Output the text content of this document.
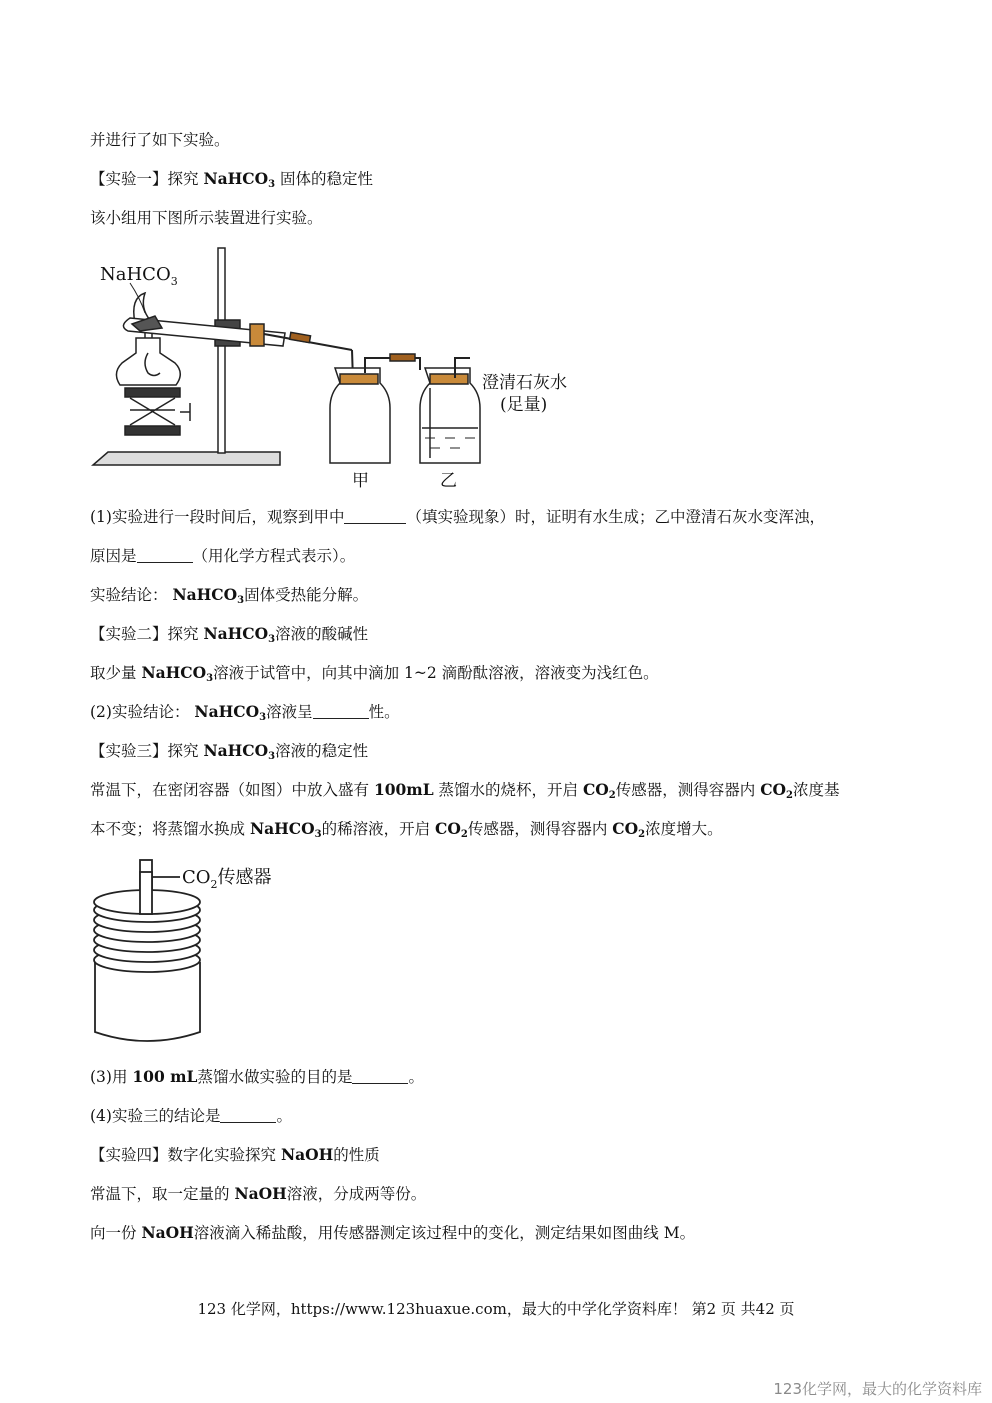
并进行了如下实验。
【实验一】探究 NaHCO$_3$ 固体的稳定性
该小组用下图所示装置进行实验。
NaHCO$_3$
澄清石灰水
(足量)
甲	乙
(1)实验进行一段时间后，观察到甲中	（填实验现象）时，证明有水生成；乙中澄清石灰水变浑浊，
原因是	（用化学方程式表示）。
实验结论： NaHCO$_3$固体受热能分解。
【实验二】探究 NaHCO$_3$溶液的酸碱性
取少量 NaHCO$_3$溶液于试管中，向其中滴加 1~2 滴酚酞溶液，溶液变为浅红色。
(2)实验结论： NaHCO$_3$溶液呈	性。
【实验三】探究 NaHCO$_3$溶液的稳定性
常温下，在密闭容器（如图）中放入盛有 100mL 蒸馏水的烧杯，开启 $CO_2$传感器，测得容器内 $CO_2$浓度基
本不变；将蒸馏水换成 NaHCO$_3$的稀溶液，开启 $CO_2$传感器，测得容器内 $CO_2$浓度增大。
$CO_2$传感器
(3)用 100 mL蒸馏水做实验的目的是	。
(4)实验三的结论是	。
【实验四】数字化实验探究 NaOH的性质
常温下，取一定量的 NaOH溶液，分成两等份。
向一份 NaOH溶液滴入稀盐酸，用传感器测定该过程中的变化，测定结果如图曲线 M。
123 化学网，https://www.123huaxue.com，最大的中学化学资料库！ 第2 页 共42 页
123化学网，最大的化学资料库
